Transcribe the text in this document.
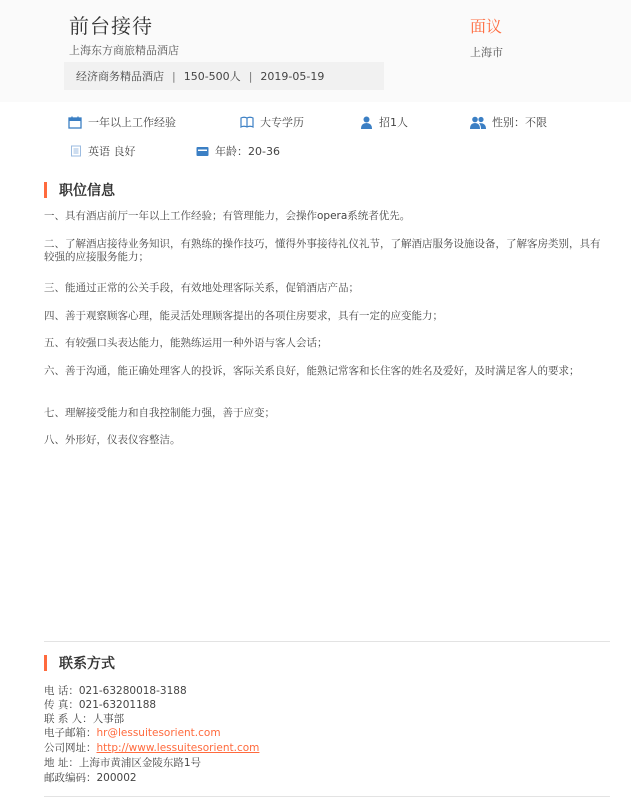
前台接待	面议
上海东方商旅精品酒店	上海市
经济商务精品酒店 | 150-500人 | 2019-05-19
一年以上工作经验	大专学历	招1人	性别：不限
英语 良好	年龄：20-36
职位信息
一、具有酒店前厅一年以上工作经验；有管理能力，会操作opera系统者优先。
二、了解酒店接待业务知识，有熟练的操作技巧，懂得外事接待礼仪礼节，了解酒店服务设施设备，了解客房类别，具有较强的应接服务能力；
三、能通过正常的公关手段，有效地处理客际关系，促销酒店产品；
四、善于观察顾客心理，能灵活处理顾客提出的各项住房要求，具有一定的应变能力；
五、有较强口头表达能力，能熟练运用一种外语与客人会话；
六、善于沟通，能正确处理客人的投诉，客际关系良好，能熟记常客和长住客的姓名及爱好，及时满足客人的要求；
七、理解接受能力和自我控制能力强，善于应变；
八、外形好，仪表仪容整洁。
联系方式
电 话：021-63280018-3188
传 真：021-63201188
联 系 人：人事部
电子邮箱：hr@lessuitesorient.com
公司网址：http://www.lessuitesorient.com
地 址：上海市黄浦区金陵东路1号
邮政编码：200002
